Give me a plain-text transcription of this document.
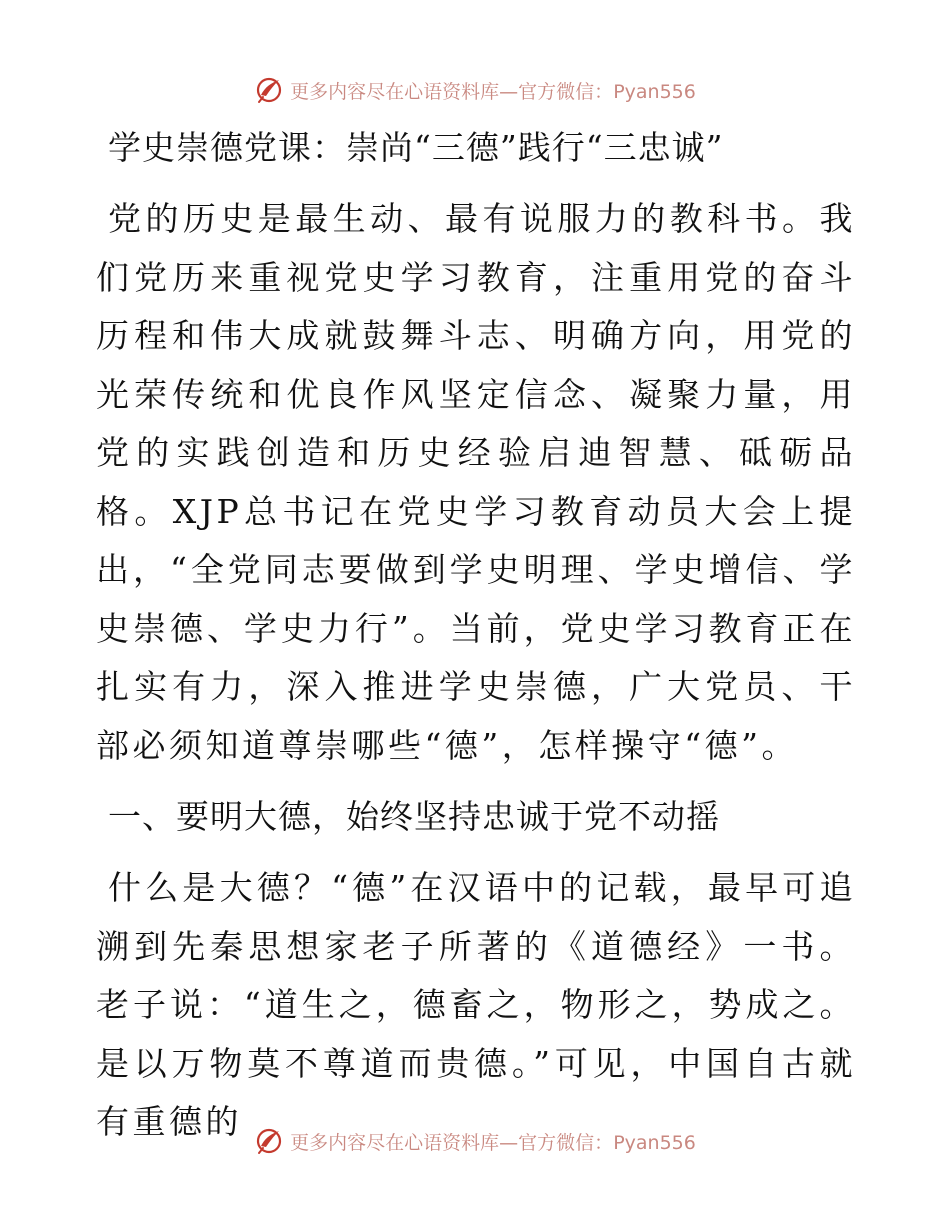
更多内容尽在心语资料库—官方微信：Pyan556
学史崇德党课：崇尚“三德”践行“三忠诚”

党的历史是最生动、最有说服力的教科书。我们党历来重视党史学习教育，注重用党的奋斗历程和伟大成就鼓舞斗志、明确方向，用党的光荣传统和优良作风坚定信念、凝聚力量，用党的实践创造和历史经验启迪智慧、砥砺品格。XJP总书记在党史学习教育动员大会上提出，“全党同志要做到学史明理、学史增信、学史崇德、学史力行”。当前，党史学习教育正在扎实有力，深入推进学史崇德，广大党员、干部必须知道尊崇哪些“德”，怎样操守“德”。

一、要明大德，始终坚持忠诚于党不动摇

什么是大德？“德”在汉语中的记载，最早可追溯到先秦思想家老子所著的《道德经》一书。老子说：“道生之，德畜之，物形之，势成之。是以万物莫不尊道而贵德。”可见，中国自古就有重德的

更多内容尽在心语资料库—官方微信：Pyan556
